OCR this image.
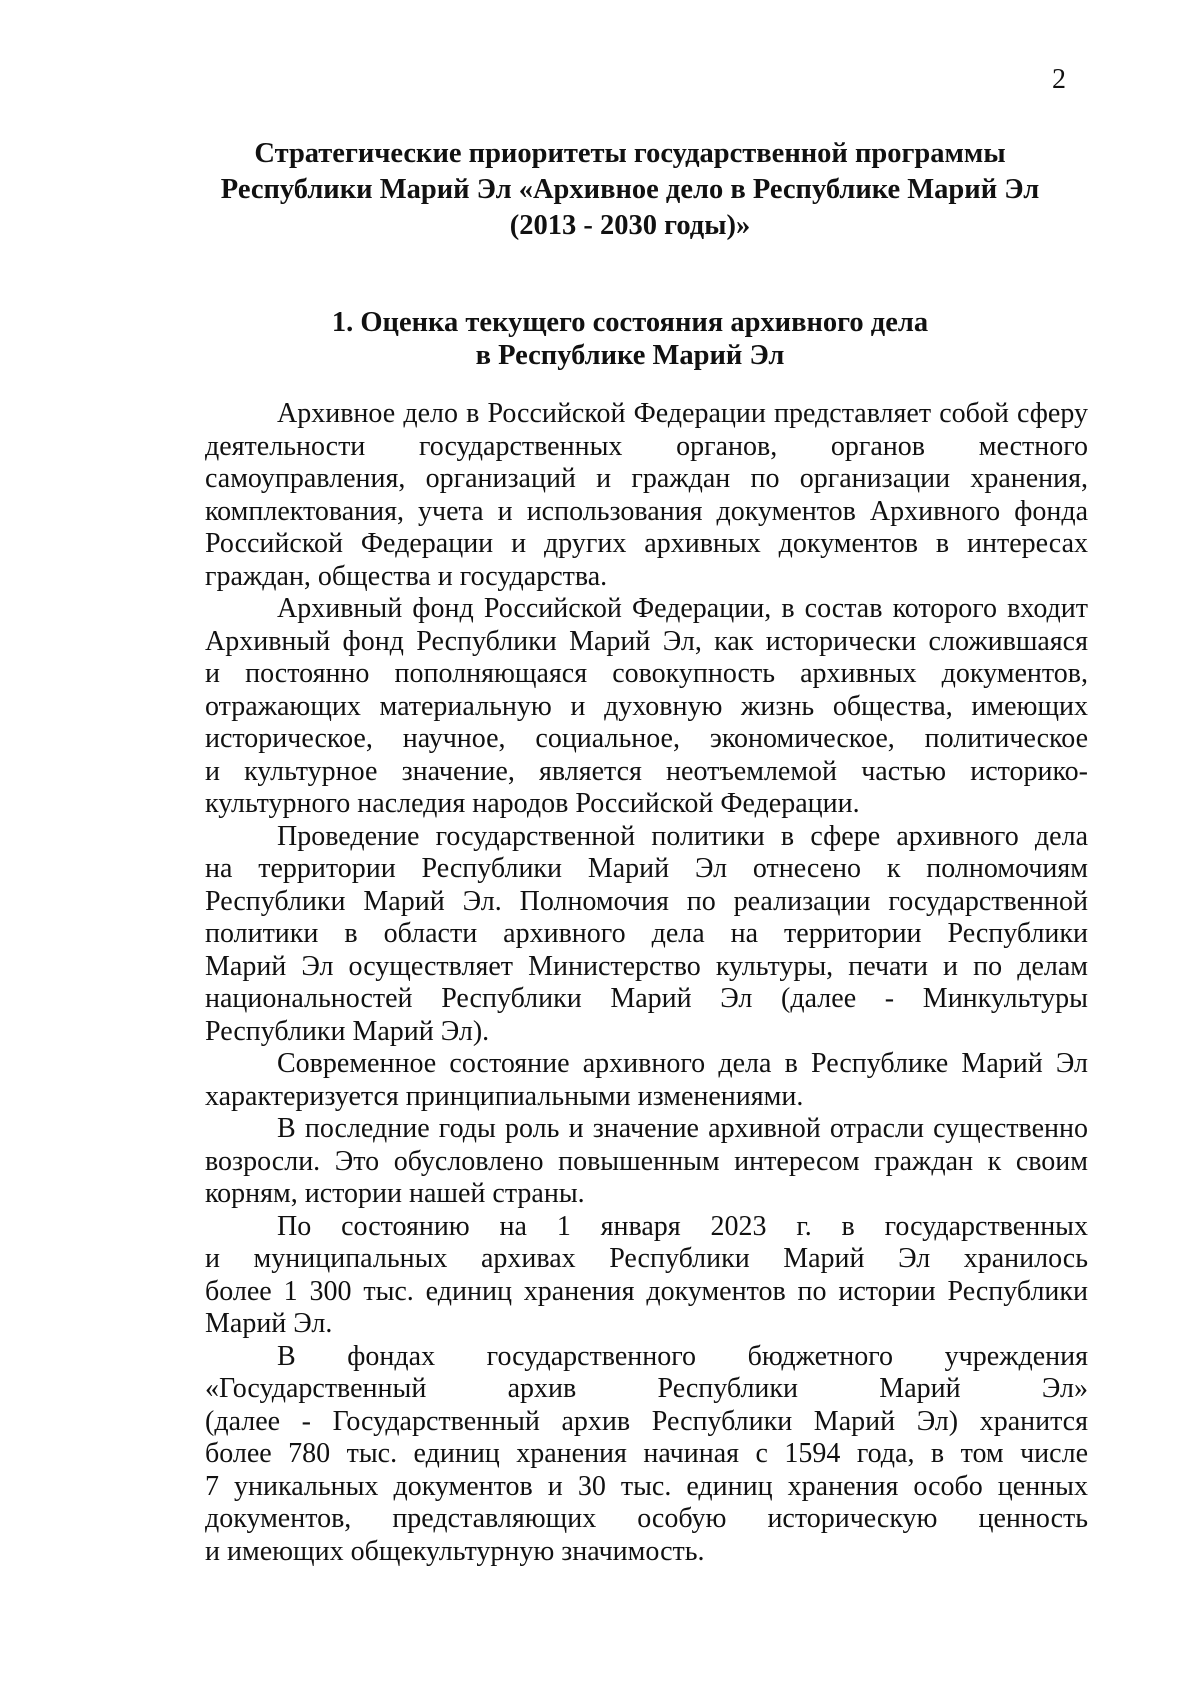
2
Стратегические приоритеты государственной программы
Республики Марий Эл «Архивное дело в Республике Марий Эл
(2013 - 2030 годы)»
1. Оценка текущего состояния архивного дела
в Республике Марий Эл
Архивное дело в Российской Федерации представляет собой сферу
деятельности государственных органов, органов местного
самоуправления, организаций и граждан по организации хранения,
комплектования, учета и использования документов Архивного фонда
Российской Федерации и других архивных документов в интересах
граждан, общества и государства.
Архивный фонд Российской Федерации, в состав которого входит
Архивный фонд Республики Марий Эл, как исторически сложившаяся
и постоянно пополняющаяся совокупность архивных документов,
отражающих материальную и духовную жизнь общества, имеющих
историческое, научное, социальное, экономическое, политическое
и культурное значение, является неотъемлемой частью историко-
культурного наследия народов Российской Федерации.
Проведение государственной политики в сфере архивного дела
на территории Республики Марий Эл отнесено к полномочиям
Республики Марий Эл. Полномочия по реализации государственной
политики в области архивного дела на территории Республики
Марий Эл осуществляет Министерство культуры, печати и по делам
национальностей Республики Марий Эл (далее - Минкультуры
Республики Марий Эл).
Современное состояние архивного дела в Республике Марий Эл
характеризуется принципиальными изменениями.
В последние годы роль и значение архивной отрасли существенно
возросли. Это обусловлено повышенным интересом граждан к своим
корням, истории нашей страны.
По состоянию на 1 января 2023 г. в государственных
и муниципальных архивах Республики Марий Эл хранилось
более 1 300 тыс. единиц хранения документов по истории Республики
Марий Эл.
В фондах государственного бюджетного учреждения
«Государственный архив Республики Марий Эл»
(далее - Государственный архив Республики Марий Эл) хранится
более 780 тыс. единиц хранения начиная с 1594 года, в том числе
7 уникальных документов и 30 тыс. единиц хранения особо ценных
документов, представляющих особую историческую ценность
и имеющих общекультурную значимость.
